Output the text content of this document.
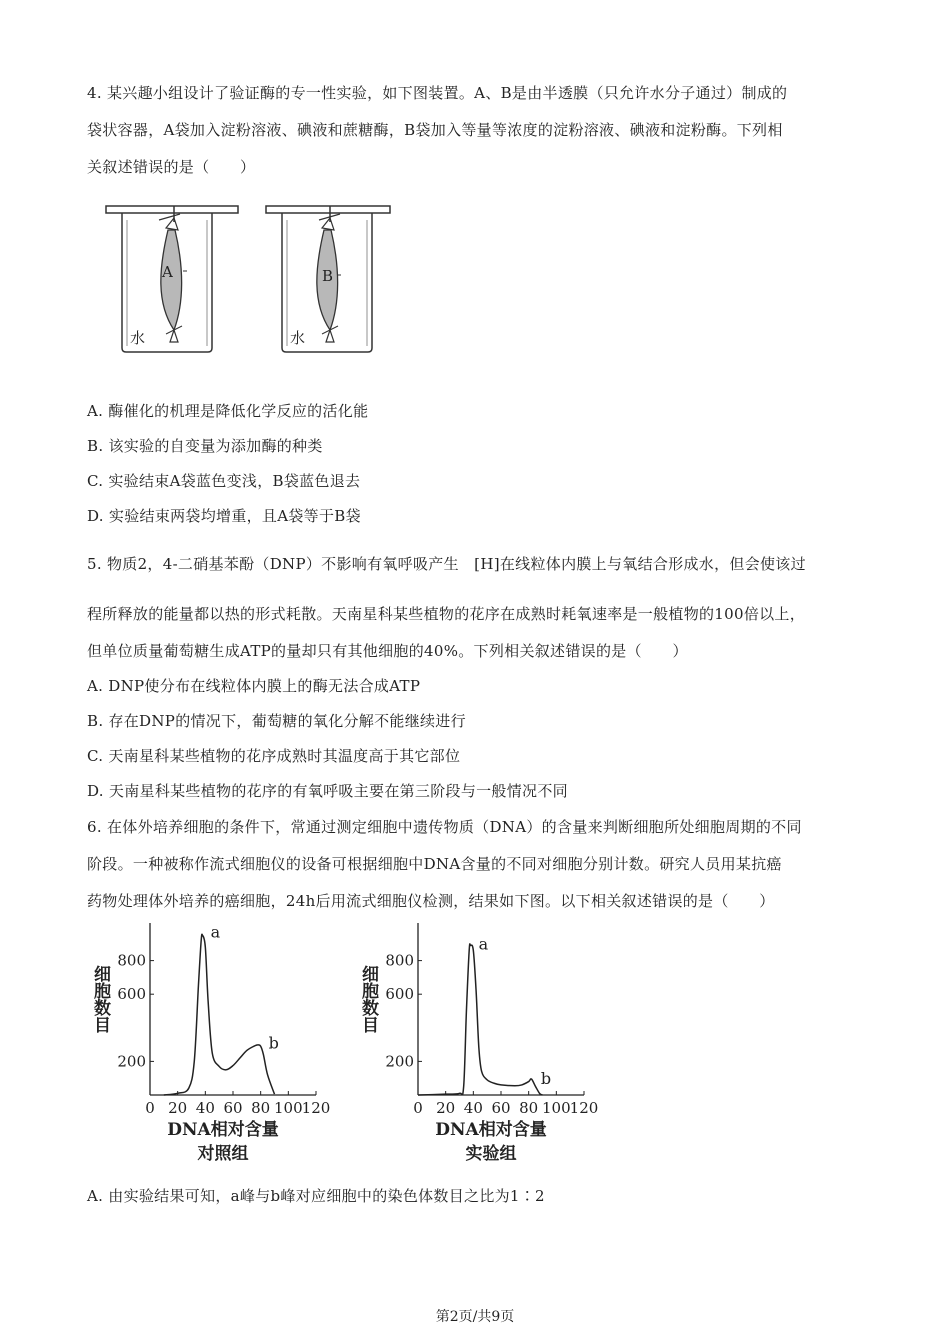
4. 某兴趣小组设计了验证酶的专一性实验，如下图装置。A、B是由半透膜（只允许水分子通过）制成的
袋状容器，A袋加入淀粉溶液、碘液和蔗糖酶，B袋加入等量等浓度的淀粉溶液、碘液和淀粉酶。下列相
关叙述错误的是（　　）
A
水
B
水
A. 酶催化的机理是降低化学反应的活化能
B. 该实验的自变量为添加酶的种类
C. 实验结束A袋蓝色变浅，B袋蓝色退去
D. 实验结束两袋均增重，且A袋等于B袋
5. 物质2，4-二硝基苯酚（DNP）不影响有氧呼吸产生　[H]在线粒体内膜上与氧结合形成水，但会使该过
程所释放的能量都以热的形式耗散。天南星科某些植物的花序在成熟时耗氧速率是一般植物的100倍以上，
但单位质量葡萄糖生成ATP的量却只有其他细胞的40%。下列相关叙述错误的是（　　）
A. DNP使分布在线粒体内膜上的酶无法合成ATP
B. 存在DNP的情况下，葡萄糖的氧化分解不能继续进行
C. 天南星科某些植物的花序成熟时其温度高于其它部位
D. 天南星科某些植物的花序的有氧呼吸主要在第三阶段与一般情况不同
6. 在体外培养细胞的条件下，常通过测定细胞中遗传物质（DNA）的含量来判断细胞所处细胞周期的不同
阶段。一种被称作流式细胞仪的设备可根据细胞中DNA含量的不同对细胞分别计数。研究人员用某抗癌
药物处理体外培养的癌细胞，24h后用流式细胞仪检测，结果如下图。以下相关叙述错误的是（　　）
0 20 40 60 80 100 120
200
600
800
细胞数目
DNA相对含量
对照组
a
b
0 20 40 60 80 100 120
200
600
800
细胞数目
DNA相对含量
实验组
a
b
A. 由实验结果可知，a峰与b峰对应细胞中的染色体数目之比为1∶2
第2页/共9页
